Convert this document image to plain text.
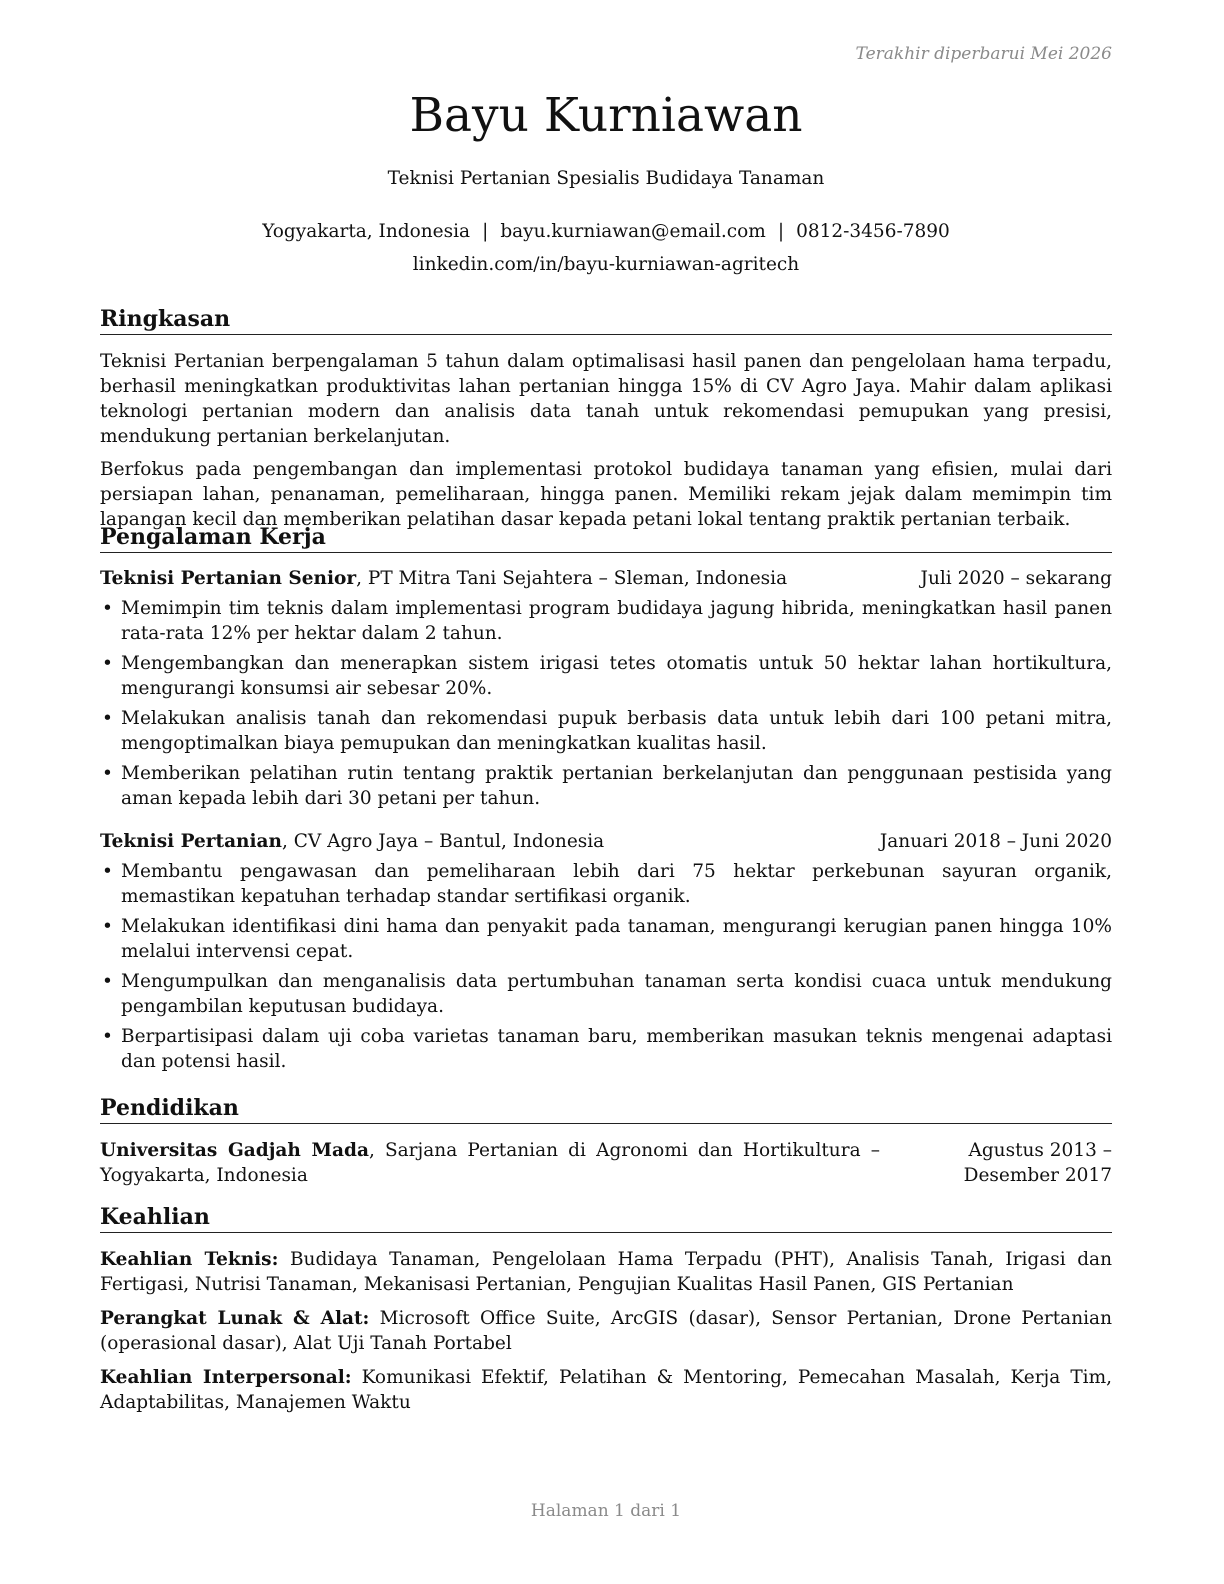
Terakhir diperbarui Mei 2026
Bayu Kurniawan
Teknisi Pertanian Spesialis Budidaya Tanaman
Yogyakarta, Indonesia | bayu.kurniawan@email.com | 0812-3456-7890
linkedin.com/in/bayu-kurniawan-agritech
Ringkasan

Teknisi Pertanian berpengalaman 5 tahun dalam optimalisasi hasil panen dan pengelolaan hama terpadu, berhasil meningkatkan produktivitas lahan pertanian hingga 15% di CV Agro Jaya. Mahir dalam aplikasi teknologi pertanian modern dan analisis data tanah untuk rekomendasi pemupukan yang presisi, mendukung pertanian berkelanjutan.

Berfokus pada pengembangan dan implementasi protokol budidaya tanaman yang efisien, mulai dari persiapan lahan, penanaman, pemeliharaan, hingga panen. Memiliki rekam jejak dalam memimpin tim lapangan kecil dan memberikan pelatihan dasar kepada petani lokal tentang praktik pertanian terbaik.

Pengalaman Kerja
Teknisi Pertanian Senior, PT Mitra Tani Sejahtera – Sleman, Indonesia	Juli 2020 – sekarang
• Memimpin tim teknis dalam implementasi program budidaya jagung hibrida, meningkatkan hasil panen rata-rata 12% per hektar dalam 2 tahun.
• Mengembangkan dan menerapkan sistem irigasi tetes otomatis untuk 50 hektar lahan hortikultura, mengurangi konsumsi air sebesar 20%.
• Melakukan analisis tanah dan rekomendasi pupuk berbasis data untuk lebih dari 100 petani mitra, mengoptimalkan biaya pemupukan dan meningkatkan kualitas hasil.
• Memberikan pelatihan rutin tentang praktik pertanian berkelanjutan dan penggunaan pestisida yang aman kepada lebih dari 30 petani per tahun.
Teknisi Pertanian, CV Agro Jaya – Bantul, Indonesia	Januari 2018 – Juni 2020
• Membantu pengawasan dan pemeliharaan lebih dari 75 hektar perkebunan sayuran organik, memastikan kepatuhan terhadap standar sertifikasi organik.
• Melakukan identifikasi dini hama dan penyakit pada tanaman, mengurangi kerugian panen hingga 10% melalui intervensi cepat.
• Mengumpulkan dan menganalisis data pertumbuhan tanaman serta kondisi cuaca untuk mendukung pengambilan keputusan budidaya.
• Berpartisipasi dalam uji coba varietas tanaman baru, memberikan masukan teknis mengenai adaptasi dan potensi hasil.
Pendidikan
Universitas Gadjah Mada, Sarjana Pertanian di Agronomi dan Hortikultura – Yogyakarta, Indonesia
Agustus 2013 – Desember 2017
Keahlian

Keahlian Teknis: Budidaya Tanaman, Pengelolaan Hama Terpadu (PHT), Analisis Tanah, Irigasi dan Fertigasi, Nutrisi Tanaman, Mekanisasi Pertanian, Pengujian Kualitas Hasil Panen, GIS Pertanian

Perangkat Lunak & Alat: Microsoft Office Suite, ArcGIS (dasar), Sensor Pertanian, Drone Pertanian (operasional dasar), Alat Uji Tanah Portabel

Keahlian Interpersonal: Komunikasi Efektif, Pelatihan & Mentoring, Pemecahan Masalah, Kerja Tim, Adaptabilitas, Manajemen Waktu

Halaman 1 dari 1
